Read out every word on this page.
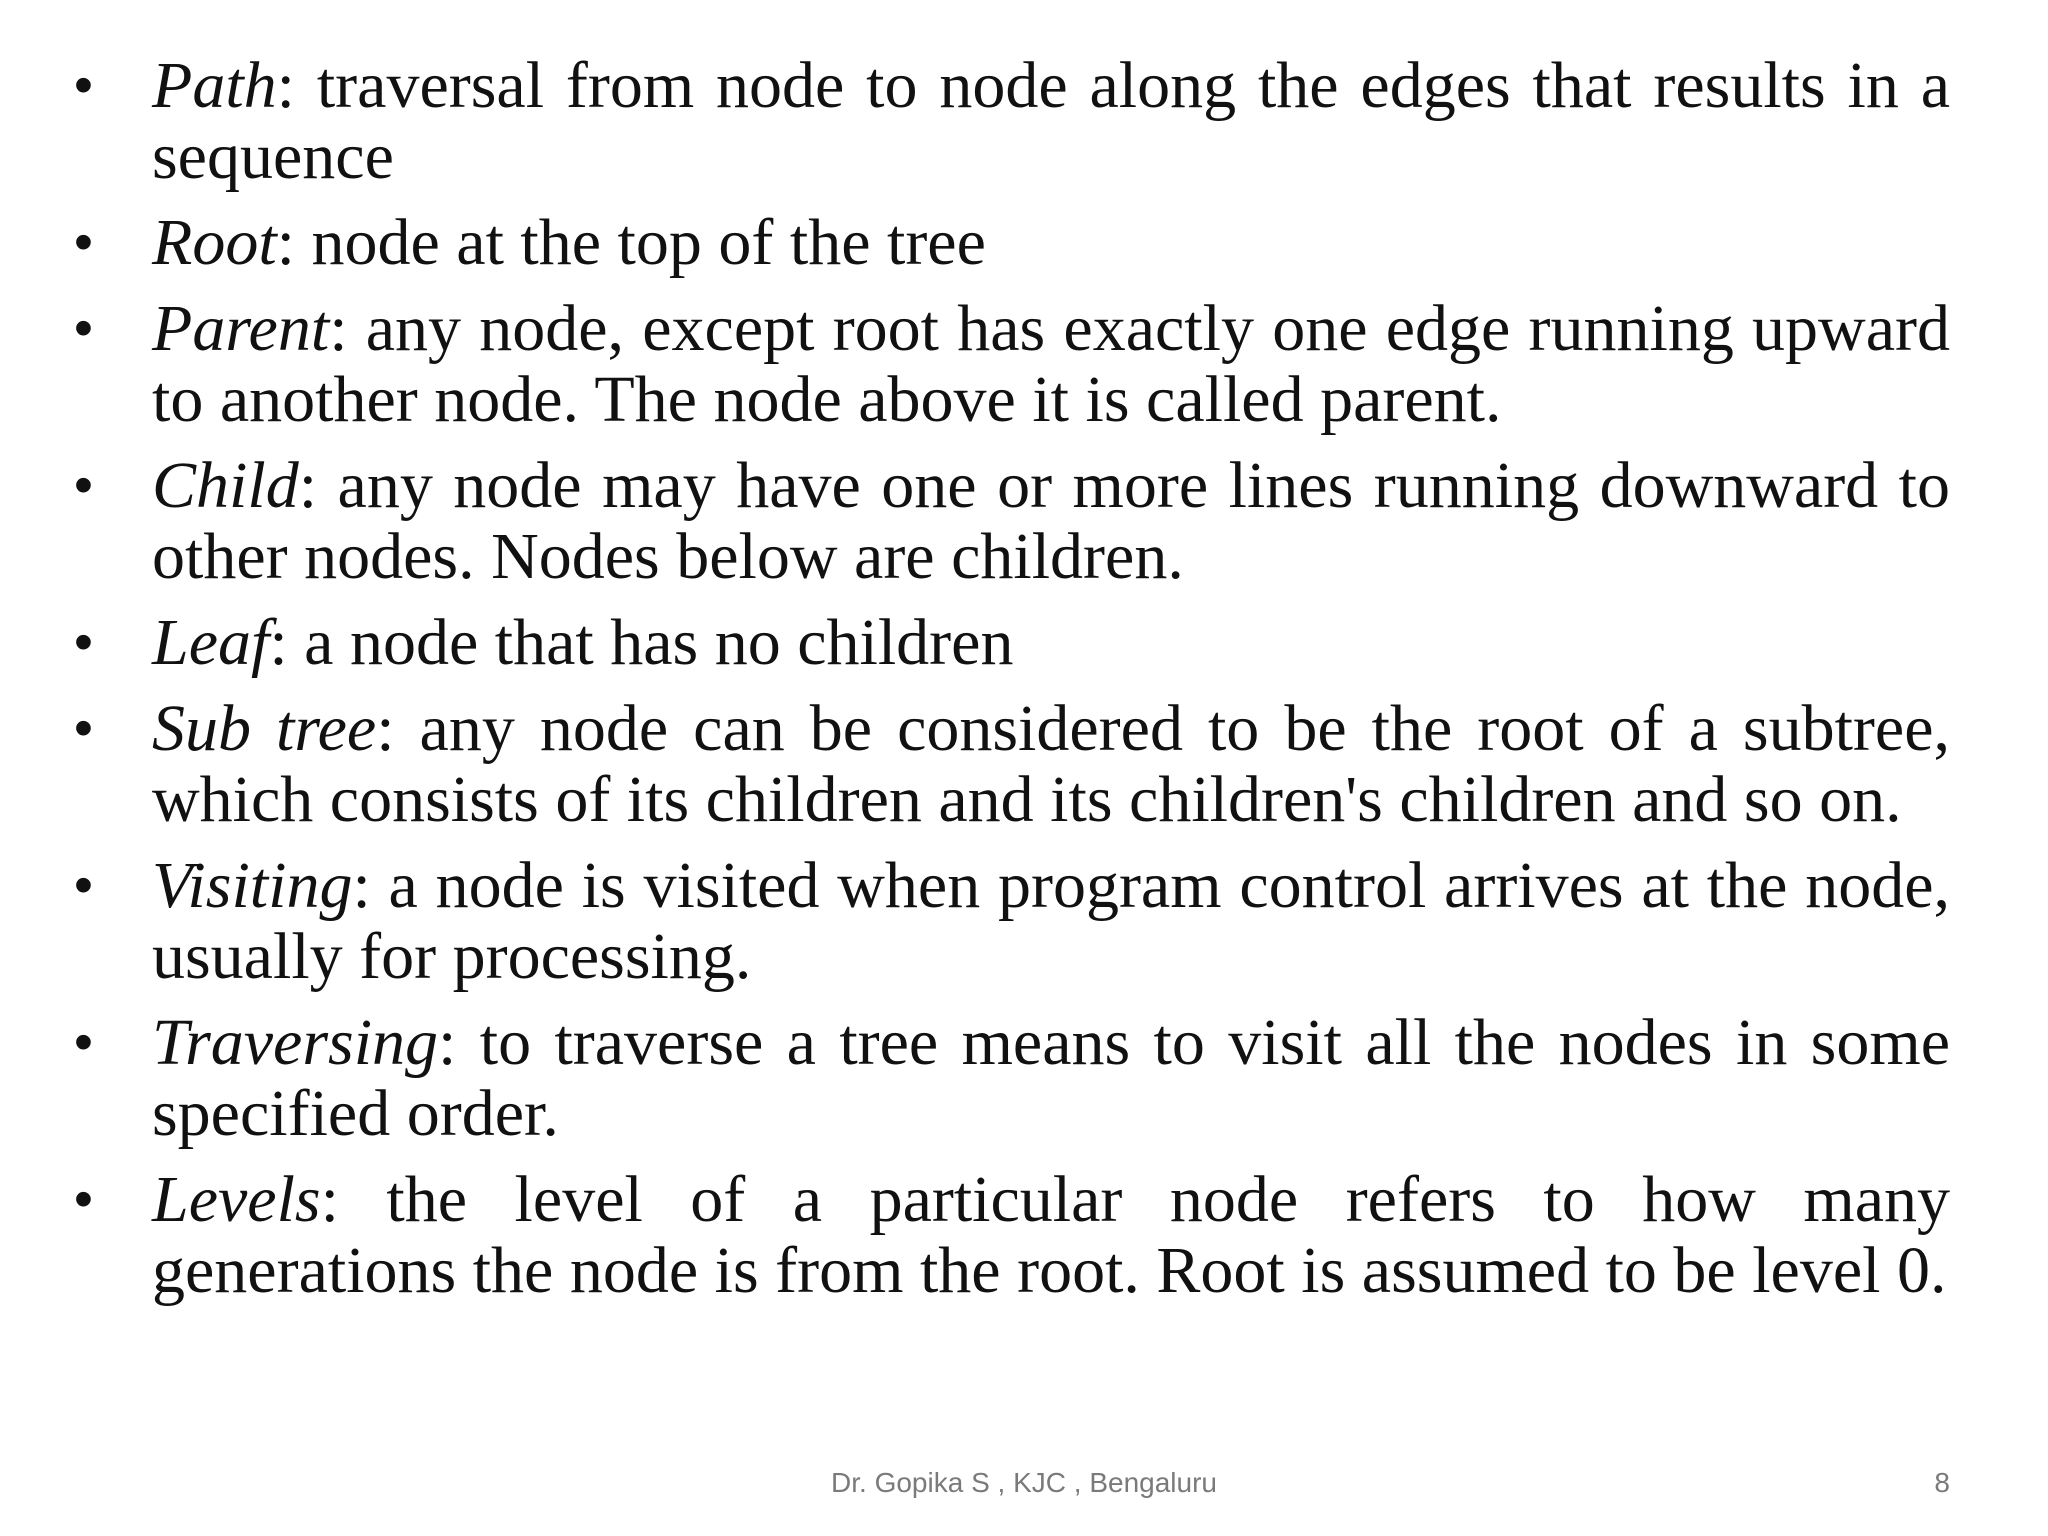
• Path: traversal from node to node along the edges that results in a sequence
• Root: node at the top of the tree
• Parent: any node, except root has exactly one edge running upward to another node. The node above it is called parent.
• Child: any node may have one or more lines running downward to other nodes. Nodes below are children.
• Leaf: a node that has no children
• Sub tree: any node can be considered to be the root of a subtree, which consists of its children and its children's children and so on.
• Visiting: a node is visited when program control arrives at the node, usually for processing.
• Traversing: to traverse a tree means to visit all the nodes in some specified order.
• Levels: the level of a particular node refers to how many generations the node is from the root. Root is assumed to be level 0.
Dr. Gopika S , KJC , Bengaluru	8
